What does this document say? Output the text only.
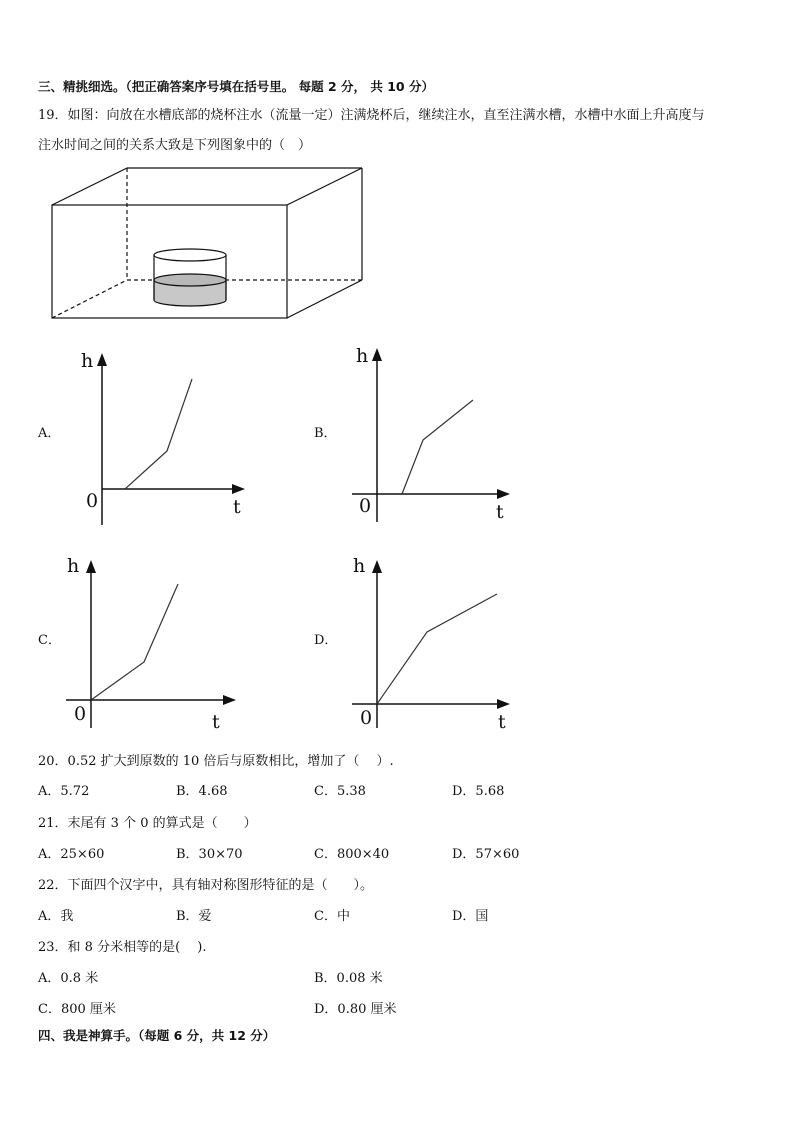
三、精挑细选。（把正确答案序号填在括号里。 每题 2 分， 共 10 分）
19．如图：向放在水槽底部的烧杯注水（流量一定）注满烧杯后，继续注水，直至注满水槽，水槽中水面上升高度与
注水时间之间的关系大致是下列图象中的（　）
A．
h
t
0
B．
h
t
0
C．
h
t
0
D．
h
t
0
20．0.52 扩大到原数的 10 倍后与原数相比，增加了（　 ）.
A．5.72	B．4.68	C．5.38	D．5.68
21．末尾有 3 个 0 的算式是（　　）
A．25×60	B．30×70	C．800×40	D．57×60
22．下面四个汉字中，具有轴对称图形特征的是（　　）。
A．我	B．爱	C．中	D．国
23．和 8 分米相等的是(　 ).
A．0.8 米	B．0.08 米
C．800 厘米	D．0.80 厘米
四、我是神算手。（每题 6 分，共 12 分）
